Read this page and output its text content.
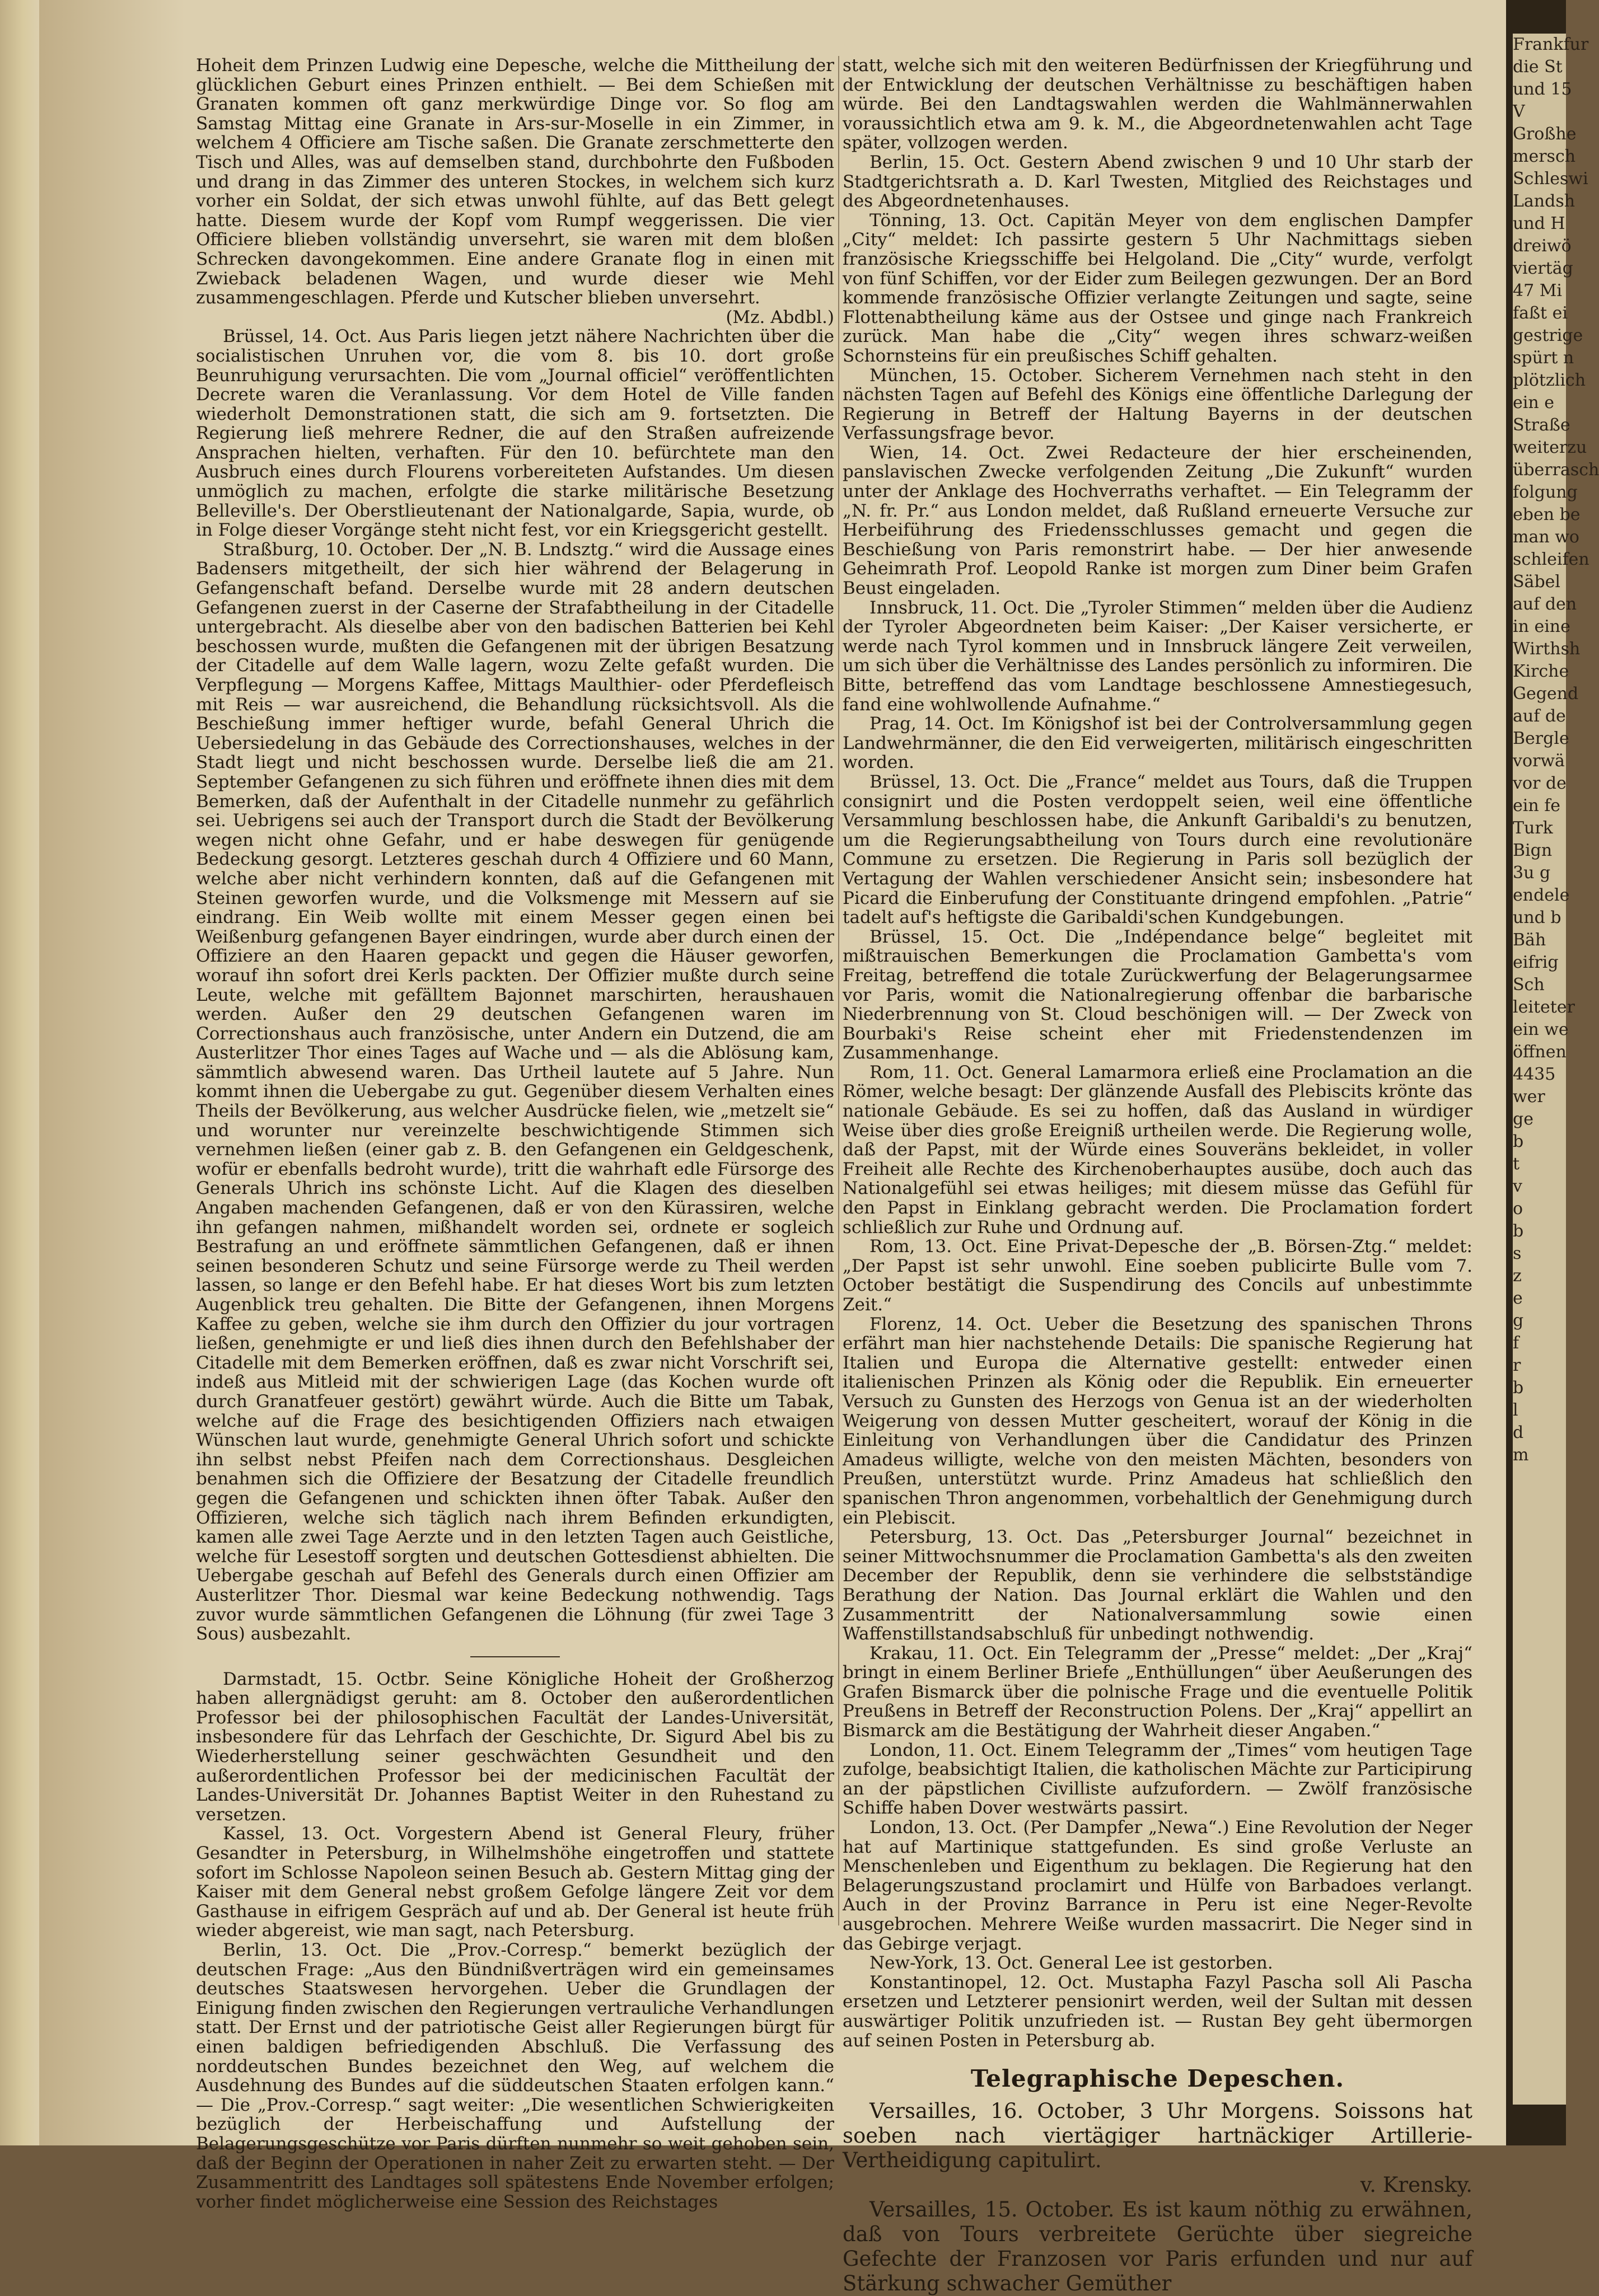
Hoheit dem Prinzen Ludwig eine Depesche, welche die Mittheilung der glücklichen Geburt eines Prinzen enthielt. — Bei dem Schießen mit Granaten kommen oft ganz merkwürdige Dinge vor. So flog am Samstag Mittag eine Granate in Ars-sur-Moselle in ein Zimmer, in welchem 4 Officiere am Tische saßen. Die Granate zerschmetterte den Tisch und Alles, was auf demselben stand, durchbohrte den Fußboden und drang in das Zimmer des unteren Stockes, in welchem sich kurz vorher ein Soldat, der sich etwas unwohl fühlte, auf das Bett gelegt hatte. Diesem wurde der Kopf vom Rumpf weggerissen. Die vier Officiere blieben vollständig unversehrt, sie waren mit dem bloßen Schrecken davongekommen. Eine andere Granate flog in einen mit Zwieback beladenen Wagen, und wurde dieser wie Mehl zusammengeschlagen. Pferde und Kutscher blieben unversehrt.

(Mz. Abdbl.)

Brüssel, 14. Oct. Aus Paris liegen jetzt nähere Nachrichten über die socialistischen Unruhen vor, die vom 8. bis 10. dort große Beunruhigung verursachten. Die vom „Journal officiel“ veröffentlichten Decrete waren die Veranlassung. Vor dem Hotel de Ville fanden wiederholt Demonstrationen statt, die sich am 9. fortsetzten. Die Regierung ließ mehrere Redner, die auf den Straßen aufreizende Ansprachen hielten, verhaften. Für den 10. befürchtete man den Ausbruch eines durch Flourens vorbereiteten Aufstandes. Um diesen unmöglich zu machen, erfolgte die starke militärische Besetzung Belleville's. Der Oberstlieutenant der Nationalgarde, Sapia, wurde, ob in Folge dieser Vorgänge steht nicht fest, vor ein Kriegsgericht gestellt.

Straßburg, 10. October. Der „N. B. Lndsztg.“ wird die Aussage eines Badensers mitgetheilt, der sich hier während der Belagerung in Gefangenschaft befand. Derselbe wurde mit 28 andern deutschen Gefangenen zuerst in der Caserne der Strafabtheilung in der Citadelle untergebracht. Als dieselbe aber von den badischen Batterien bei Kehl beschossen wurde, mußten die Gefangenen mit der übrigen Besatzung der Citadelle auf dem Walle lagern, wozu Zelte gefaßt wurden. Die Verpflegung — Morgens Kaffee, Mittags Maulthier- oder Pferdefleisch mit Reis — war ausreichend, die Behandlung rücksichtsvoll. Als die Beschießung immer heftiger wurde, befahl General Uhrich die Uebersiedelung in das Gebäude des Correctionshauses, welches in der Stadt liegt und nicht beschossen wurde. Derselbe ließ die am 21. September Gefangenen zu sich führen und eröffnete ihnen dies mit dem Bemerken, daß der Aufenthalt in der Citadelle nunmehr zu gefährlich sei. Uebrigens sei auch der Transport durch die Stadt der Bevölkerung wegen nicht ohne Gefahr, und er habe deswegen für genügende Bedeckung gesorgt. Letzteres geschah durch 4 Offiziere und 60 Mann, welche aber nicht verhindern konnten, daß auf die Gefangenen mit Steinen geworfen wurde, und die Volksmenge mit Messern auf sie eindrang. Ein Weib wollte mit einem Messer gegen einen bei Weißenburg gefangenen Bayer eindringen, wurde aber durch einen der Offiziere an den Haaren gepackt und gegen die Häuser geworfen, worauf ihn sofort drei Kerls packten. Der Offizier mußte durch seine Leute, welche mit gefälltem Bajonnet marschirten, heraushauen werden. Außer den 29 deutschen Gefangenen waren im Correctionshaus auch französische, unter Andern ein Dutzend, die am Austerlitzer Thor eines Tages auf Wache und — als die Ablösung kam, sämmtlich abwesend waren. Das Urtheil lautete auf 5 Jahre. Nun kommt ihnen die Uebergabe zu gut. Gegenüber diesem Verhalten eines Theils der Bevölkerung, aus welcher Ausdrücke fielen, wie „metzelt sie“ und worunter nur vereinzelte beschwichtigende Stimmen sich vernehmen ließen (einer gab z. B. den Gefangenen ein Geldgeschenk, wofür er ebenfalls bedroht wurde), tritt die wahrhaft edle Fürsorge des Generals Uhrich ins schönste Licht. Auf die Klagen des dieselben Angaben machenden Gefangenen, daß er von den Kürassiren, welche ihn gefangen nahmen, mißhandelt worden sei, ordnete er sogleich Bestrafung an und eröffnete sämmtlichen Gefangenen, daß er ihnen seinen besonderen Schutz und seine Fürsorge werde zu Theil werden lassen, so lange er den Befehl habe. Er hat dieses Wort bis zum letzten Augenblick treu gehalten. Die Bitte der Gefangenen, ihnen Morgens Kaffee zu geben, welche sie ihm durch den Offizier du jour vortragen ließen, genehmigte er und ließ dies ihnen durch den Befehlshaber der Citadelle mit dem Bemerken eröffnen, daß es zwar nicht Vorschrift sei, indeß aus Mitleid mit der schwierigen Lage (das Kochen wurde oft durch Granatfeuer gestört) gewährt würde. Auch die Bitte um Tabak, welche auf die Frage des besichtigenden Offiziers nach etwaigen Wünschen laut wurde, genehmigte General Uhrich sofort und schickte ihn selbst nebst Pfeifen nach dem Correctionshaus. Desgleichen benahmen sich die Offiziere der Besatzung der Citadelle freundlich gegen die Gefangenen und schickten ihnen öfter Tabak. Außer den Offizieren, welche sich täglich nach ihrem Befinden erkundigten, kamen alle zwei Tage Aerzte und in den letzten Tagen auch Geistliche, welche für Lesestoff sorgten und deutschen Gottesdienst abhielten. Die Uebergabe geschah auf Befehl des Generals durch einen Offizier am Austerlitzer Thor. Diesmal war keine Bedeckung nothwendig. Tags zuvor wurde sämmtlichen Gefangenen die Löhnung (für zwei Tage 3 Sous) ausbezahlt.

Darmstadt, 15. Octbr. Seine Königliche Hoheit der Großherzog haben allergnädigst geruht: am 8. October den außerordentlichen Professor bei der philosophischen Facultät der Landes-Universität, insbesondere für das Lehrfach der Geschichte, Dr. Sigurd Abel bis zu Wiederherstellung seiner geschwächten Gesundheit und den außerordentlichen Professor bei der medicinischen Facultät der Landes-Universität Dr. Johannes Baptist Weiter in den Ruhestand zu versetzen.

Kassel, 13. Oct. Vorgestern Abend ist General Fleury, früher Gesandter in Petersburg, in Wilhelmshöhe eingetroffen und stattete sofort im Schlosse Napoleon seinen Besuch ab. Gestern Mittag ging der Kaiser mit dem General nebst großem Gefolge längere Zeit vor dem Gasthause in eifrigem Gespräch auf und ab. Der General ist heute früh wieder abgereist, wie man sagt, nach Petersburg.

Berlin, 13. Oct. Die „Prov.-Corresp.“ bemerkt bezüglich der deutschen Frage: „Aus den Bündnißverträgen wird ein gemeinsames deutsches Staatswesen hervorgehen. Ueber die Grundlagen der Einigung finden zwischen den Regierungen vertrauliche Verhandlungen statt. Der Ernst und der patriotische Geist aller Regierungen bürgt für einen baldigen befriedigenden Abschluß. Die Verfassung des norddeutschen Bundes bezeichnet den Weg, auf welchem die Ausdehnung des Bundes auf die süddeutschen Staaten erfolgen kann.“ — Die „Prov.-Corresp.“ sagt weiter: „Die wesentlichen Schwierigkeiten bezüglich der Herbeischaffung und Aufstellung der Belagerungsgeschütze vor Paris dürften nunmehr so weit gehoben sein, daß der Beginn der Operationen in naher Zeit zu erwarten steht. — Der Zusammentritt des Landtages soll spätestens Ende November erfolgen; vorher findet möglicherweise eine Session des Reichstages

statt, welche sich mit den weiteren Bedürfnissen der Kriegführung und der Entwicklung der deutschen Verhältnisse zu beschäftigen haben würde. Bei den Landtagswahlen werden die Wahlmännerwahlen voraussichtlich etwa am 9. k. M., die Abgeordnetenwahlen acht Tage später, vollzogen werden.

Berlin, 15. Oct. Gestern Abend zwischen 9 und 10 Uhr starb der Stadtgerichtsrath a. D. Karl Twesten, Mitglied des Reichstages und des Abgeordnetenhauses.

Tönning, 13. Oct. Capitän Meyer von dem englischen Dampfer „City“ meldet: Ich passirte gestern 5 Uhr Nachmittags sieben französische Kriegsschiffe bei Helgoland. Die „City“ wurde, verfolgt von fünf Schiffen, vor der Eider zum Beilegen gezwungen. Der an Bord kommende französische Offizier verlangte Zeitungen und sagte, seine Flottenabtheilung käme aus der Ostsee und ginge nach Frankreich zurück. Man habe die „City“ wegen ihres schwarz-weißen Schornsteins für ein preußisches Schiff gehalten.

München, 15. October. Sicherem Vernehmen nach steht in den nächsten Tagen auf Befehl des Königs eine öffentliche Darlegung der Regierung in Betreff der Haltung Bayerns in der deutschen Verfassungsfrage bevor.

Wien, 14. Oct. Zwei Redacteure der hier erscheinenden, panslavischen Zwecke verfolgenden Zeitung „Die Zukunft“ wurden unter der Anklage des Hochverraths verhaftet. — Ein Telegramm der „N. fr. Pr.“ aus London meldet, daß Rußland erneuerte Versuche zur Herbeiführung des Friedensschlusses gemacht und gegen die Beschießung von Paris remonstrirt habe. — Der hier anwesende Geheimrath Prof. Leopold Ranke ist morgen zum Diner beim Grafen Beust eingeladen.

Innsbruck, 11. Oct. Die „Tyroler Stimmen“ melden über die Audienz der Tyroler Abgeordneten beim Kaiser: „Der Kaiser versicherte, er werde nach Tyrol kommen und in Innsbruck längere Zeit verweilen, um sich über die Verhältnisse des Landes persönlich zu informiren. Die Bitte, betreffend das vom Landtage beschlossene Amnestiegesuch, fand eine wohlwollende Aufnahme.“

Prag, 14. Oct. Im Königshof ist bei der Controlversammlung gegen Landwehrmänner, die den Eid verweigerten, militärisch eingeschritten worden.

Brüssel, 13. Oct. Die „France“ meldet aus Tours, daß die Truppen consignirt und die Posten verdoppelt seien, weil eine öffentliche Versammlung beschlossen habe, die Ankunft Garibaldi's zu benutzen, um die Regierungsabtheilung von Tours durch eine revolutionäre Commune zu ersetzen. Die Regierung in Paris soll bezüglich der Vertagung der Wahlen verschiedener Ansicht sein; insbesondere hat Picard die Einberufung der Constituante dringend empfohlen. „Patrie“ tadelt auf's heftigste die Garibaldi'schen Kundgebungen.

Brüssel, 15. Oct. Die „Indépendance belge“ begleitet mit mißtrauischen Bemerkungen die Proclamation Gambetta's vom Freitag, betreffend die totale Zurückwerfung der Belagerungsarmee vor Paris, womit die Nationalregierung offenbar die barbarische Niederbrennung von St. Cloud beschönigen will. — Der Zweck von Bourbaki's Reise scheint eher mit Friedenstendenzen im Zusammenhange.

Rom, 11. Oct. General Lamarmora erließ eine Proclamation an die Römer, welche besagt: Der glänzende Ausfall des Plebiscits krönte das nationale Gebäude. Es sei zu hoffen, daß das Ausland in würdiger Weise über dies große Ereigniß urtheilen werde. Die Regierung wolle, daß der Papst, mit der Würde eines Souveräns bekleidet, in voller Freiheit alle Rechte des Kirchenoberhauptes ausübe, doch auch das Nationalgefühl sei etwas heiliges; mit diesem müsse das Gefühl für den Papst in Einklang gebracht werden. Die Proclamation fordert schließlich zur Ruhe und Ordnung auf.

Rom, 13. Oct. Eine Privat-Depesche der „B. Börsen-Ztg.“ meldet: „Der Papst ist sehr unwohl. Eine soeben publicirte Bulle vom 7. October bestätigt die Suspendirung des Concils auf unbestimmte Zeit.“

Florenz, 14. Oct. Ueber die Besetzung des spanischen Throns erfährt man hier nachstehende Details: Die spanische Regierung hat Italien und Europa die Alternative gestellt: entweder einen italienischen Prinzen als König oder die Republik. Ein erneuerter Versuch zu Gunsten des Herzogs von Genua ist an der wiederholten Weigerung von dessen Mutter gescheitert, worauf der König in die Einleitung von Verhandlungen über die Candidatur des Prinzen Amadeus willigte, welche von den meisten Mächten, besonders von Preußen, unterstützt wurde. Prinz Amadeus hat schließlich den spanischen Thron angenommen, vorbehaltlich der Genehmigung durch ein Plebiscit.

Petersburg, 13. Oct. Das „Petersburger Journal“ bezeichnet in seiner Mittwochsnummer die Proclamation Gambetta's als den zweiten December der Republik, denn sie verhindere die selbstständige Berathung der Nation. Das Journal erklärt die Wahlen und den Zusammentritt der Nationalversammlung sowie einen Waffenstillstandsabschluß für unbedingt nothwendig.

Krakau, 11. Oct. Ein Telegramm der „Presse“ meldet: „Der „Kraj“ bringt in einem Berliner Briefe „Enthüllungen“ über Aeußerungen des Grafen Bismarck über die polnische Frage und die eventuelle Politik Preußens in Betreff der Reconstruction Polens. Der „Kraj“ appellirt an Bismarck am die Bestätigung der Wahrheit dieser Angaben.“

London, 11. Oct. Einem Telegramm der „Times“ vom heutigen Tage zufolge, beabsichtigt Italien, die katholischen Mächte zur Participirung an der päpstlichen Civilliste aufzufordern. — Zwölf französische Schiffe haben Dover westwärts passirt.

London, 13. Oct. (Per Dampfer „Newa“.) Eine Revolution der Neger hat auf Martinique stattgefunden. Es sind große Verluste an Menschenleben und Eigenthum zu beklagen. Die Regierung hat den Belagerungszustand proclamirt und Hülfe von Barbadoes verlangt. Auch in der Provinz Barrance in Peru ist eine Neger-Revolte ausgebrochen. Mehrere Weiße wurden massacrirt. Die Neger sind in das Gebirge verjagt.

New-York, 13. Oct. General Lee ist gestorben.

Konstantinopel, 12. Oct. Mustapha Fazyl Pascha soll Ali Pascha ersetzen und Letzterer pensionirt werden, weil der Sultan mit dessen auswärtiger Politik unzufrieden ist. — Rustan Bey geht übermorgen auf seinen Posten in Petersburg ab.

Telegraphische Depeschen.

Versailles, 16. October, 3 Uhr Morgens. Soissons hat soeben nach viertägiger hartnäckiger Artillerie-Vertheidigung capitulirt.

v. Krensky.

Versailles, 15. October. Es ist kaum nöthig zu erwähnen, daß von Tours verbreitete Gerüchte über siegreiche Gefechte der Franzosen vor Paris erfunden und nur auf Stärkung schwacher Gemüther

Frankfur
die St
und 15
V
Großhe
mersch
Schleswi
Landsh
und H
dreiwö
viertäg
47 Mi
faßt ei
gestrige
spürt n
plötzlich
ein e
Straße
weiterzu
überrasch
folgung
eben be
man wo
schleifen
Säbel
auf den
in eine
Wirthsh
Kirche
Gegend
auf de
Bergle
vorwä
vor de
ein fe
Turk
Bign
3u g
endele
und b
Bäh
eifrig
Sch
leiteter
ein we
öffnen
4435
wer
ge
b
t
v
o
b
s
z
e
g
f
r
b
l
d
m
